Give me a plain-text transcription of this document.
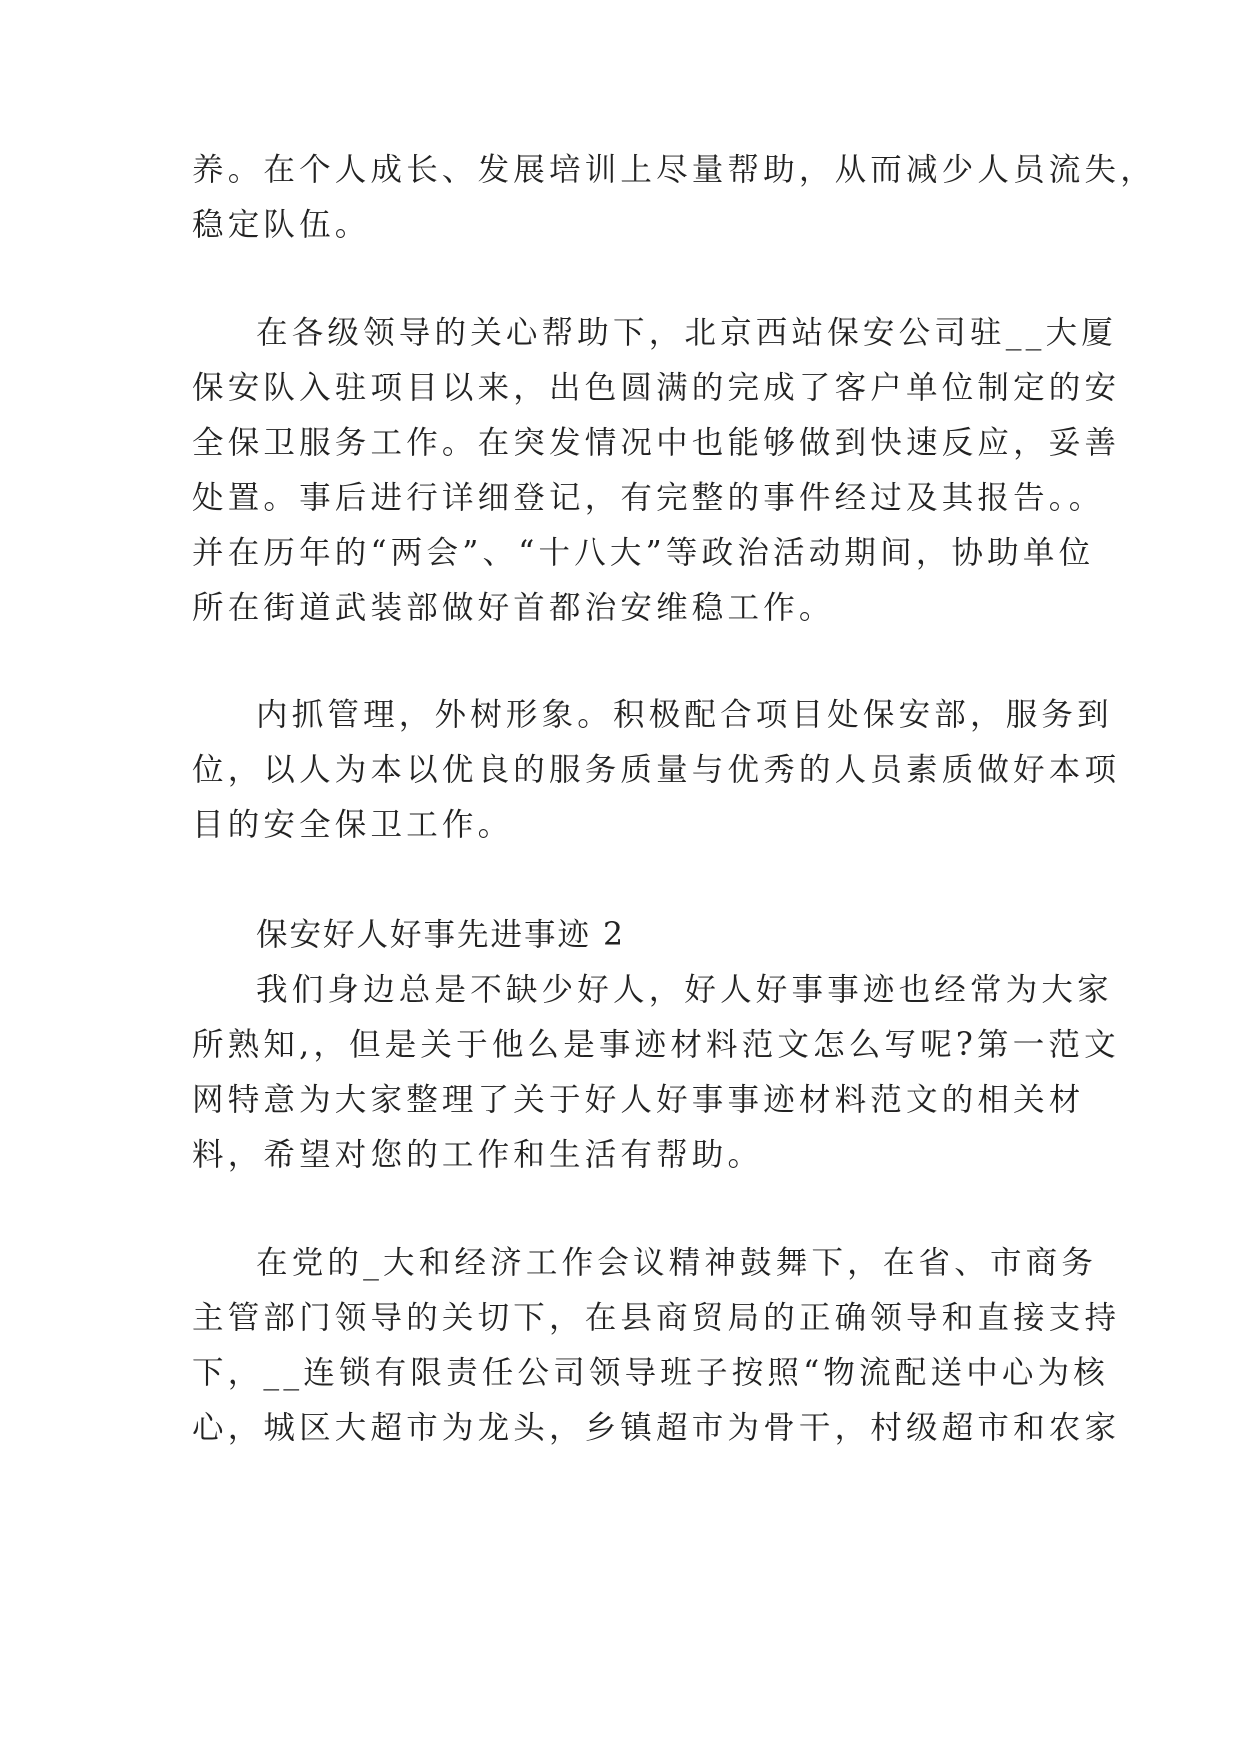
养。在个人成长、发展培训上尽量帮助，从而减少人员流失，
稳定队伍。
在各级领导的关心帮助下，北京西站保安公司驻__大厦
保安队入驻项目以来，出色圆满的完成了客户单位制定的安
全保卫服务工作。在突发情况中也能够做到快速反应，妥善
处置。事后进行详细登记，有完整的事件经过及其报告。。
并在历年的“两会”、“十八大”等政治活动期间，协助单位
所在街道武装部做好首都治安维稳工作。
内抓管理，外树形象。积极配合项目处保安部，服务到
位，以人为本以优良的服务质量与优秀的人员素质做好本项
目的安全保卫工作。
保安好人好事先进事迹 2
我们身边总是不缺少好人，好人好事事迹也经常为大家
所熟知,，但是关于他么是事迹材料范文怎么写呢?第一范文
网特意为大家整理了关于好人好事事迹材料范文的相关材
料，希望对您的工作和生活有帮助。
在党的_大和经济工作会议精神鼓舞下，在省、市商务
主管部门领导的关切下，在县商贸局的正确领导和直接支持
下，__连锁有限责任公司领导班子按照“物流配送中心为核
心，城区大超市为龙头，乡镇超市为骨干，村级超市和农家
